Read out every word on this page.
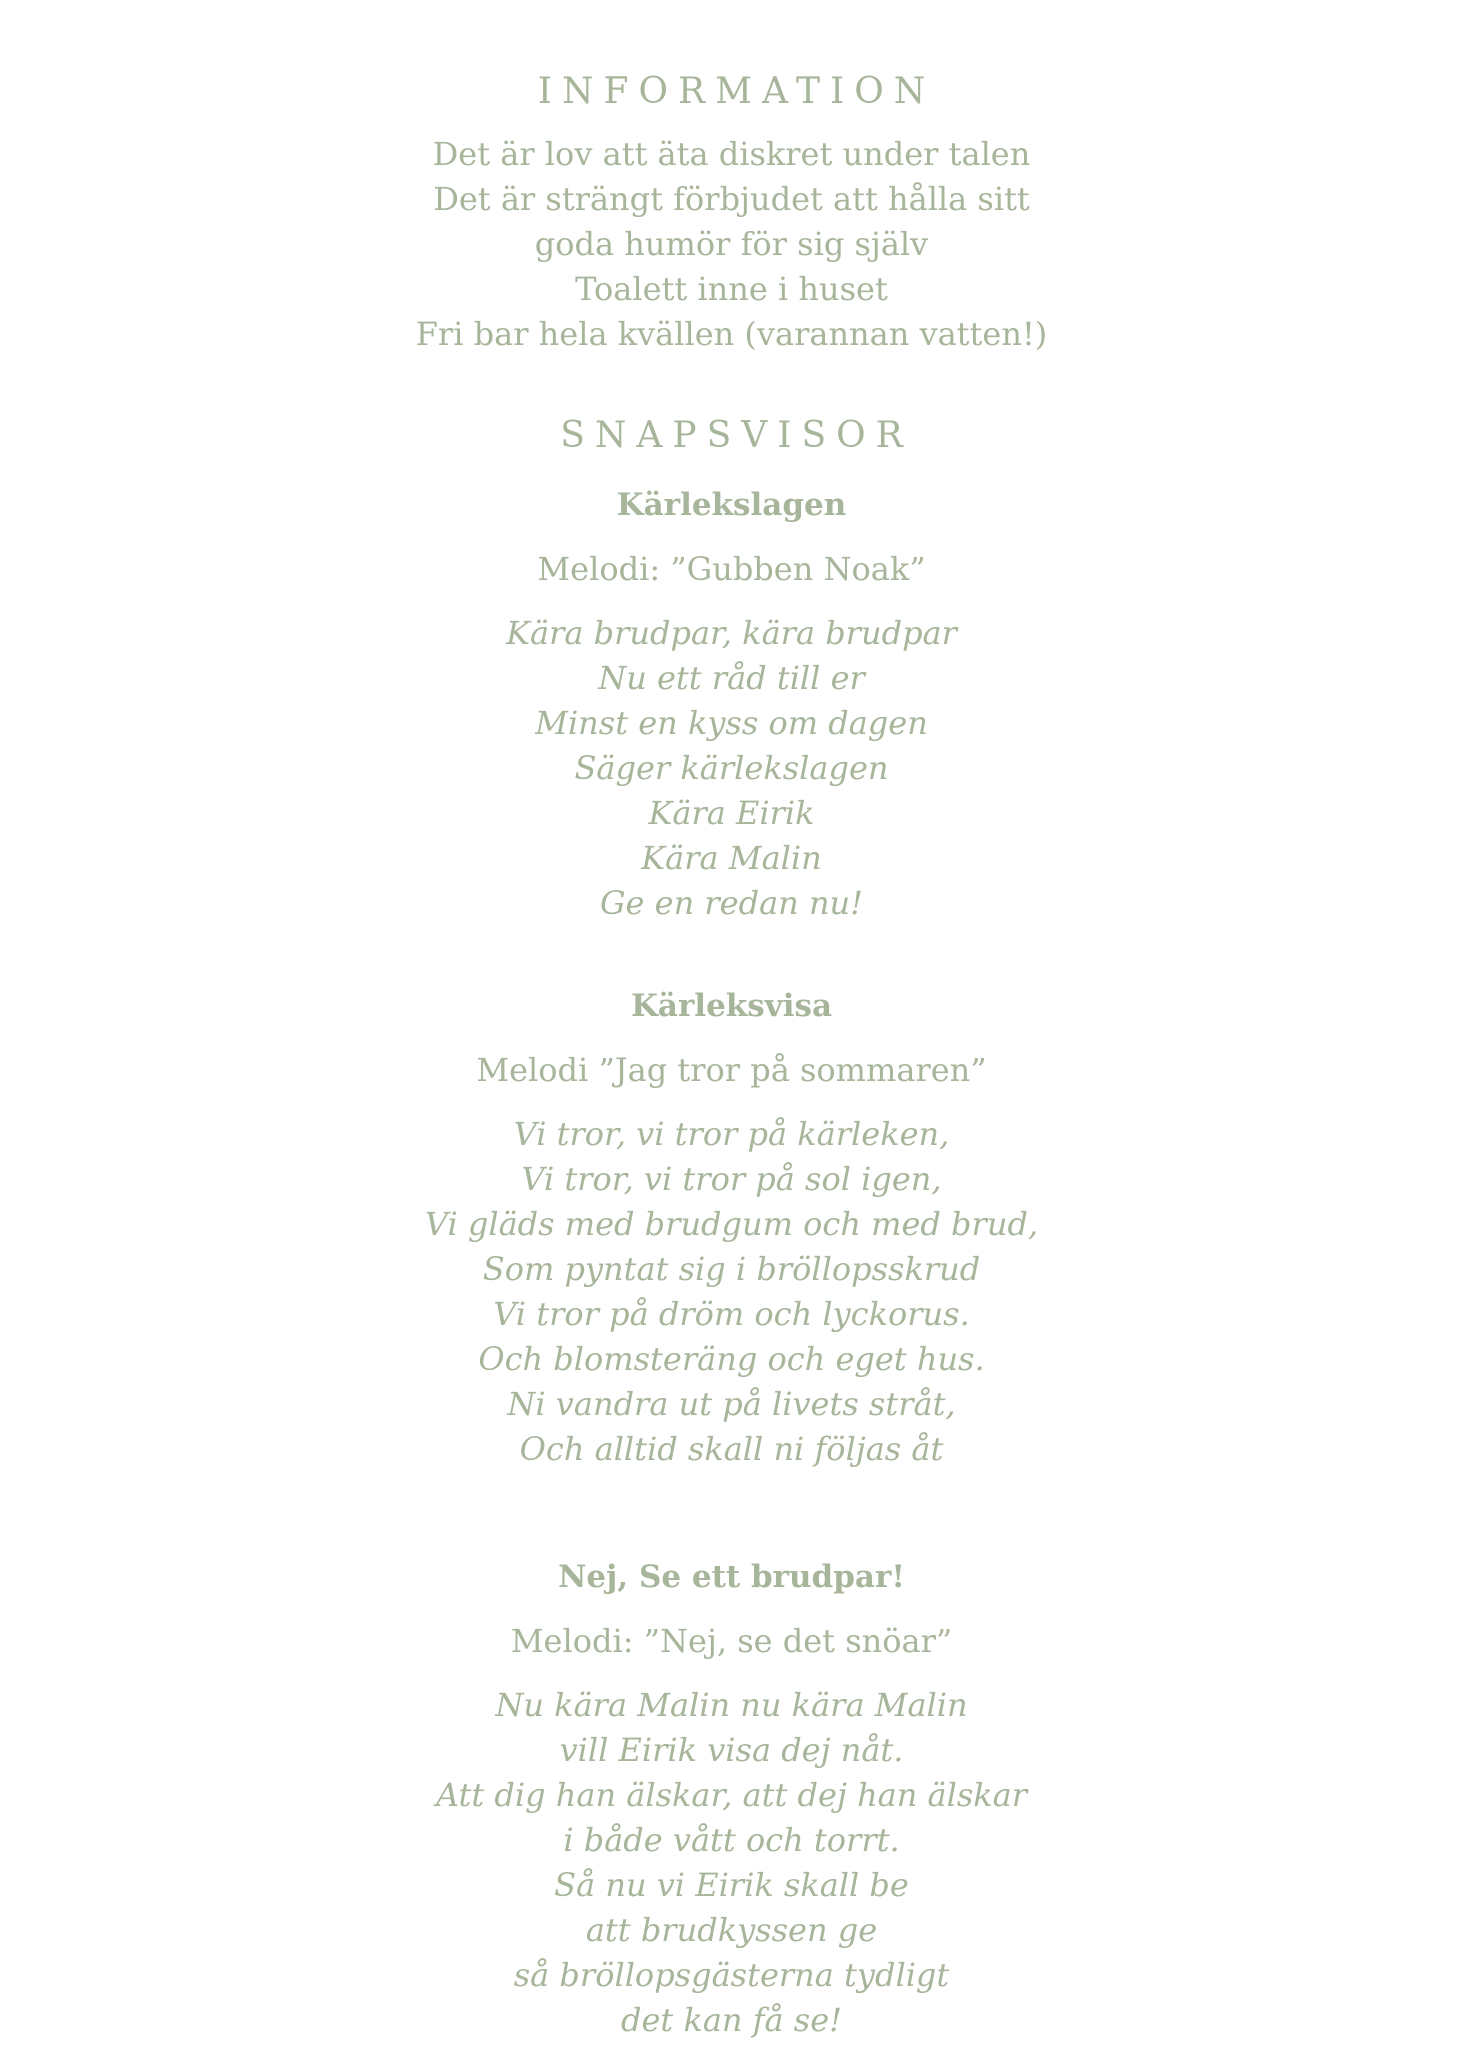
INFORMATION
Det är lov att äta diskret under talen
Det är strängt förbjudet att hålla sitt
goda humör för sig själv
Toalett inne i huset
Fri bar hela kvällen (varannan vatten!)
SNAPSVISOR
Kärlekslagen
Melodi: ”Gubben Noak”
Kära brudpar, kära brudpar
Nu ett råd till er
Minst en kyss om dagen
Säger kärlekslagen
Kära Eirik
Kära Malin
Ge en redan nu!
Kärleksvisa
Melodi ”Jag tror på sommaren”
Vi tror, vi tror på kärleken,
Vi tror, vi tror på sol igen,
Vi gläds med brudgum och med brud,
Som pyntat sig i bröllopsskrud
Vi tror på dröm och lyckorus.
Och blomsteräng och eget hus.
Ni vandra ut på livets stråt,
Och alltid skall ni följas åt
Nej, Se ett brudpar!
Melodi: ”Nej, se det snöar”
Nu kära Malin nu kära Malin
vill Eirik visa dej nåt.
Att dig han älskar, att dej han älskar
i både vått och torrt.
Så nu vi Eirik skall be
att brudkyssen ge
så bröllopsgästerna tydligt
det kan få se!
